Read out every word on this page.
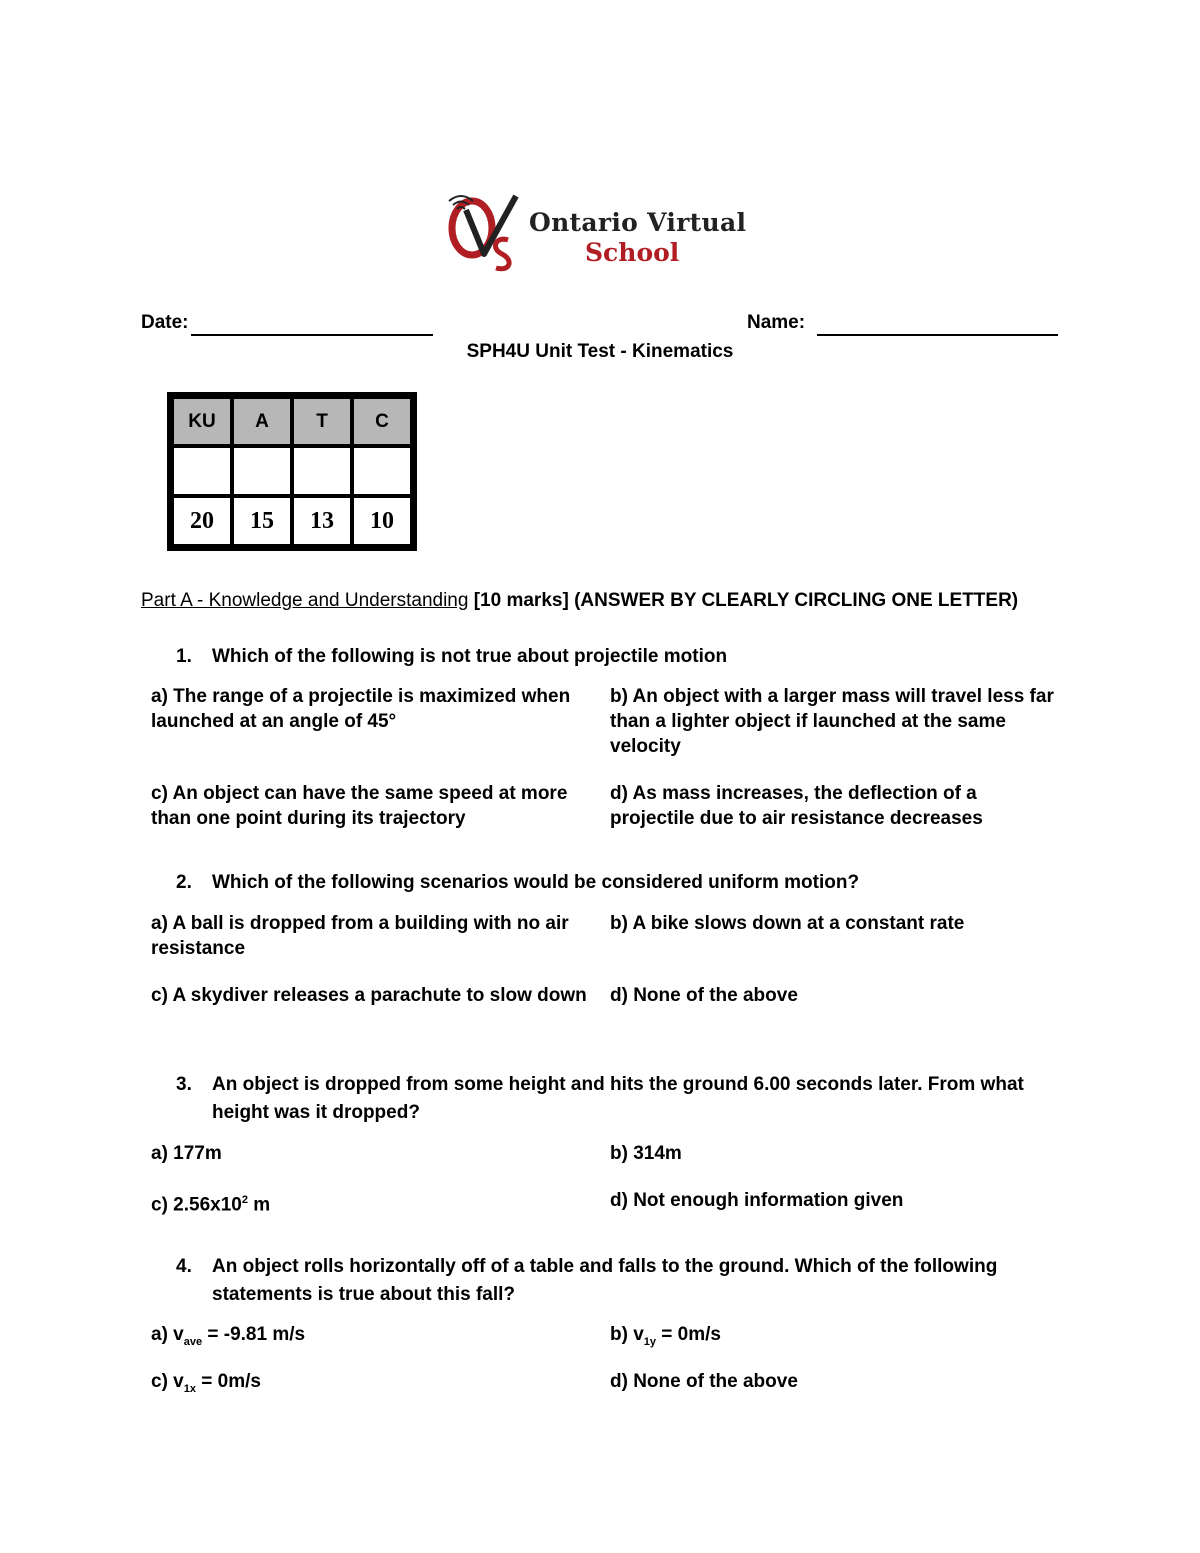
Ontario Virtual
School
Date:	Name:
SPH4U Unit Test - Kinematics
KU	A	T	C

20	15	13	10
Part A - Knowledge and Understanding [10 marks] (ANSWER BY CLEARLY CIRCLING ONE LETTER)
1. Which of the following is not true about projectile motion
a) The range of a projectile is maximized when launched at an angle of 45°
b) An object with a larger mass will travel less far than a lighter object if launched at the same velocity
c) An object can have the same speed at more than one point during its trajectory
d) As mass increases, the deflection of a projectile due to air resistance decreases
2. Which of the following scenarios would be considered uniform motion?
a) A ball is dropped from a building with no air resistance
b) A bike slows down at a constant rate
c) A skydiver releases a parachute to slow down	d) None of the above
3. An object is dropped from some height and hits the ground 6.00 seconds later. From what height was it dropped?
a) 177m	b) 314m
c) $2.56x10^2$ m	d) Not enough information given
4. An object rolls horizontally off of a table and falls to the ground. Which of the following statements is true about this fall?
a) $v_{ave} = -9.81$ m/s	b) $v_{1y} = 0m/s$
c) $v_{1x} = 0m/s$	d) None of the above
